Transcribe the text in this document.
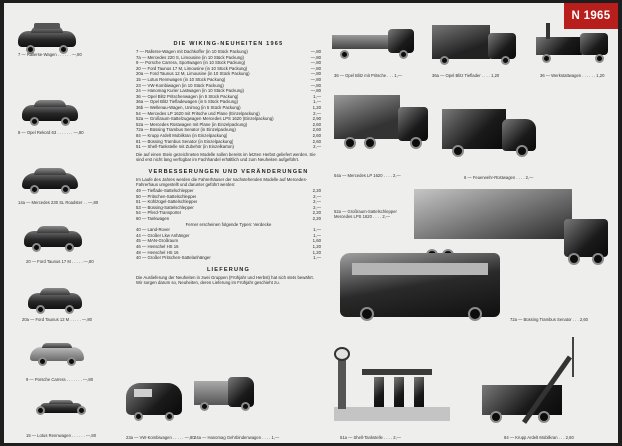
N 1965
7 — Rallerse-Wagen . . . . . . —,80
8 — Opel Rekord 63 . . . . . . . —,80
14a — Mercedes 230 SL Roadster . . —,80
20 — Ford Taunus 17 M . . . . . —,80
20a — Ford Taunus 12 M . . . . . —,80
9 — Porsche Carrera . . . . . . . —,80
15 — Lotus Rennwagen . . . . . . —,80
DIE WIKING-NEUHEITEN 1965
7 — Rallerse-Wagen mit Dachkoffer (in 10 Stück Packung)	—,80
7a — Mercedes 220 S, Limousine (in 10 Stück Packung)	—,80
9 — Porsche Carrera, Sportwagen (in 10 Stück Packung)	—,80
20 — Ford Taunus 17 M, Limousine (in 10 Stück Packung)	—,80
20a — Ford Taunus 12 M, Limousine (in 10 Stück Packung)	—,80
15 — Lotus Rennwagen (in 10 Stück Packung)	—,80
23 — VW-Kombiwagen (in 10 Stück Packung)	—,80
24 — Hanomag Kurier Lastwagen (in 10 Stück Packung)	—,80
36 — Opel Blitz Pritschenwagen (in 5 Stück Packung)	1,—
36a — Opel Blitz Tiefladewagen (in 5 Stück Packung)	1,—
36b — Wellenau-Wagen, Unimog (in 5 Stück Packung)	1,20
54 — Mercedes LP 1620 mit Pritsche und Plane (Einzelpackung)	2,—
52a — Großraum-Sattelzugwagen Mercedes LPS 1620 (Einzelpackung)	2,90
52a — Mercedes Rüstwagen mit Plane (in Einzelpackung)	2,60
72a — Büssing Trambus Senator (in Einzelpackung)	2,60
84 — Krupp Ardelt Mobilkran (in Einzelpackung)	2,60
81 — Büssing Trambus Senator (in Einzelpackung)	2,60
51 — Shell-Tankstelle mit Zubehör (in Einzelkarton)	2,—
Die auf einen Stein gezeichneten Modelle sollen bereits im letzten Herbst geliefert werden. Sie sind erst nicht lang verfügbar im Fachhandel erhältlich und zum Neuheiten aufgeführt.
VERBESSERUNGEN UND VERÄNDERUNGEN
Im Laufe des Jahres werden die Fahrerhäuser der nachstehenden Modelle auf Mercedes-Fahrerhaus umgestellt und darunter geführt werden:
49 — Tieflade-Sattelschlepper	2,20
50 — Pritschen-Sattelschlepper	2,—
51 — Kühlzügel-Sattelschlepper	2,—
53 — Büssing-Sattelschlepper	2,—
54 — Pferd-Transporter	2,20
60 — Tankwagen	2,20
Ferner erscheinen folgende Typen: Verdecke
40 — Land-Rover	1,—
44 — Großer Lkw Anhänger	1,—
45 — MAN-Großraum	1,60
46 — Henschel HS 16	1,20
48 — Henschel HS 16	1,20
40 — Großer Pritschen-Sattelanhänger	1,—
LIEFERUNG
Die Auslieferung der Neuheiten in zwei Gruppen (Frühjahr und Herbst) hat sich stets bewährt. Wir sorgen darum so, Neuheiten, deren Lieferung im Frühjahr geschieht zu.
23a — VW-Kombiwagen . . . . . —,80 24a — Hanomag Gehrbindenwagen . . . . 1,—
36 — Opel Blitz mit Pritsche . . . 1,—	36a — Opel Blitz Tieflader . . . . 1,20	36 — Werkstattwagen . . . . . . 1,20
54a — Mercedes LP 1620 . . . . 2,—	6 — Feuerwehr-Rüstwagen . . . . 2,—
52a — Großraum-Sattelschlepper Mercedes LPS 1620 . . . . 2,—
72a — Büssing Trambus Senator . . . 2,60
51a — Shell-Tankstelle . . . . 2,—	84 — Krupp Ardelt Mobilkran . . . 2,60
